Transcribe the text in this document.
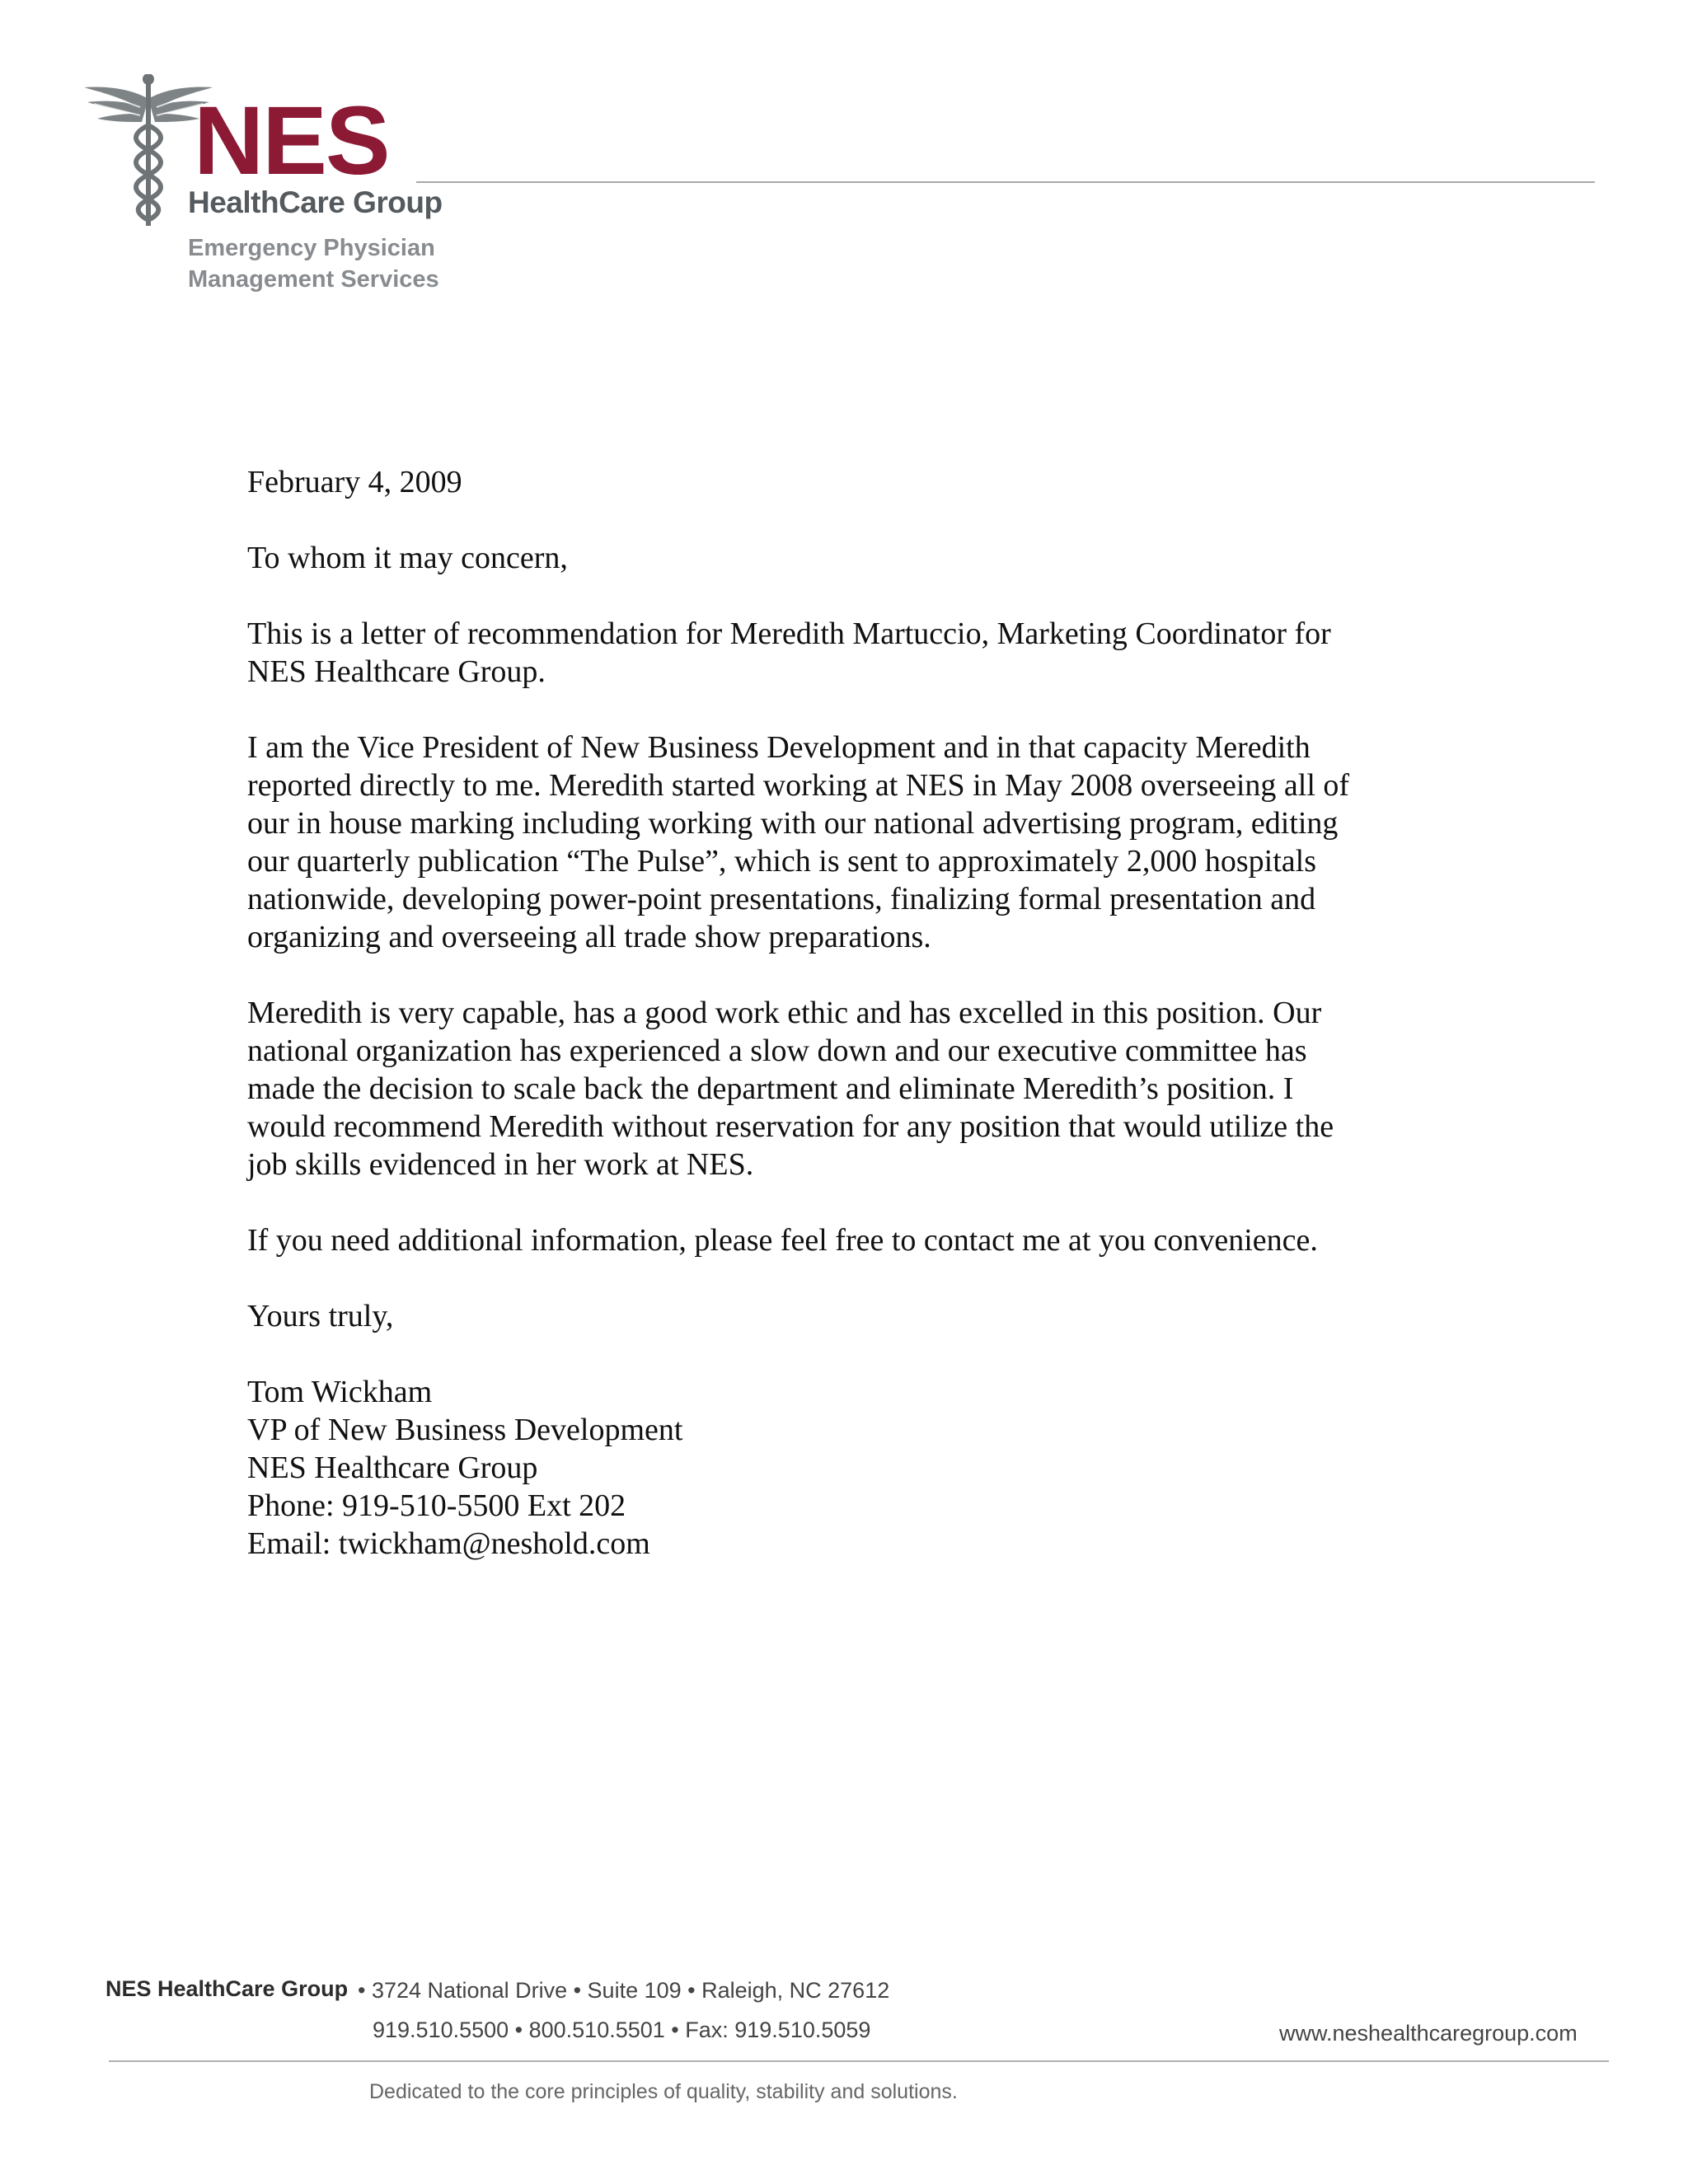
NES
HealthCare Group
Emergency Physician
Management Services

February 4, 2009

To whom it may concern,

This is a letter of recommendation for Meredith Martuccio, Marketing Coordinator for
NES Healthcare Group.

I am the Vice President of New Business Development and in that capacity Meredith
reported directly to me. Meredith started working at NES in May 2008 overseeing all of
our in house marking including working with our national advertising program, editing
our quarterly publication “The Pulse”, which is sent to approximately 2,000 hospitals
nationwide, developing power-point presentations, finalizing formal presentation and
organizing and overseeing all trade show preparations.

Meredith is very capable, has a good work ethic and has excelled in this position. Our
national organization has experienced a slow down and our executive committee has
made the decision to scale back the department and eliminate Meredith’s position. I
would recommend Meredith without reservation for any position that would utilize the
job skills evidenced in her work at NES.

If you need additional information, please feel free to contact me at you convenience.

Yours truly,

Tom Wickham
VP of New Business Development
NES Healthcare Group
Phone: 919-510-5500 Ext 202
Email: twickham@neshold.com
NES HealthCare Group • 3724 National Drive • Suite 109 • Raleigh, NC 27612
919.510.5500 • 800.510.5501 • Fax: 919.510.5059	www.neshealthcaregroup.com
Dedicated to the core principles of quality, stability and solutions.
